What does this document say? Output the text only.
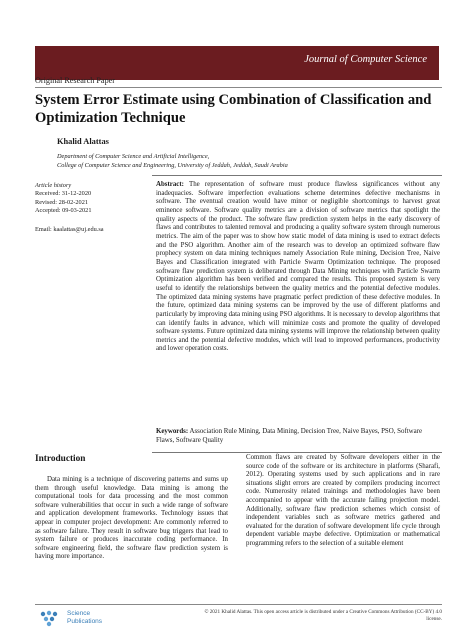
Journal of Computer Science
Original Research Paper
System Error Estimate using Combination of Classification and Optimization Technique
Khalid Alattas
Department of Computer Science and Artificial Intelligence,
College of Computer Science and Engineering, University of Jeddah, Jeddah, Saudi Arabia
Article history
Received: 31-12-2020
Revised: 28-02-2021
Accepted: 09-03-2021
Email: kaalattas@uj.edu.sa
Abstract: The representation of software must produce flawless significances without any inadequacies. Software imperfection evaluations scheme determines defective mechanisms in software. The eventual creation would have minor or negligible shortcomings to harvest great eminence software. Software quality metrics are a division of software metrics that spotlight the quality aspects of the product. The software flaw prediction system helps in the early discovery of flaws and contributes to talented removal and producing a quality software system through numerous metrics. The aim of the paper was to show how static model of data mining is used to extract defects and the PSO algorithm. Another aim of the research was to develop an optimized software flaw prophecy system on data mining techniques namely Association Rule mining, Decision Tree, Naive Bayes and Classification integrated with Particle Swarm Optimization technique. The proposed software flaw prediction system is deliberated through Data Mining techniques with Particle Swarm Optimization algorithm has been verified and compared the results. This proposed system is very useful to identify the relationships between the quality metrics and the potential defective modules. The optimized data mining systems have pragmatic perfect prediction of these defective modules. In the future, optimized data mining systems can be improved by the use of different platforms and particularly by improving data mining using PSO algorithms. It is necessary to develop algorithms that can identify faults in advance, which will minimize costs and promote the quality of developed software systems. Future optimized data mining systems will improve the relationship between quality metrics and the potential defective modules, which will lead to improved performances, productivity and lower operation costs.
Keywords: Association Rule Mining, Data Mining, Decision Tree, Naive Bayes, PSO, Software Flaws, Software Quality
Introduction
Data mining is a technique of discovering patterns and sums up them through useful knowledge. Data mining is among the computational tools for data processing and the most common software vulnerabilities that occur in such a wide range of software and application development frameworks. Technology issues that appear in computer project development: Are commonly referred to as software failure. They result in software bug triggers that lead to system failure or produces inaccurate coding performance. In software engineering field, the software flaw prediction system is having more importance.
Common flaws are created by Software developers either in the source code of the software or its architecture in platforms (Sharafi, 2012). Operating systems used by such applications and in rare situations slight errors are created by compilers producing incorrect code. Numerosity related trainings and methodologies have been accompanied to appear with the accurate failing projection model. Additionally, software flaw prediction schemes which consist of independent variables such as software metrics gathered and evaluated for the duration of software development life cycle through dependent variable maybe defective. Optimization or mathematical programming refers to the selection of a suitable element
Science
Publications
© 2021 Khalid Alattas. This open access article is distributed under a Creative Commons Attribution (CC-BY) 4.0
license.
